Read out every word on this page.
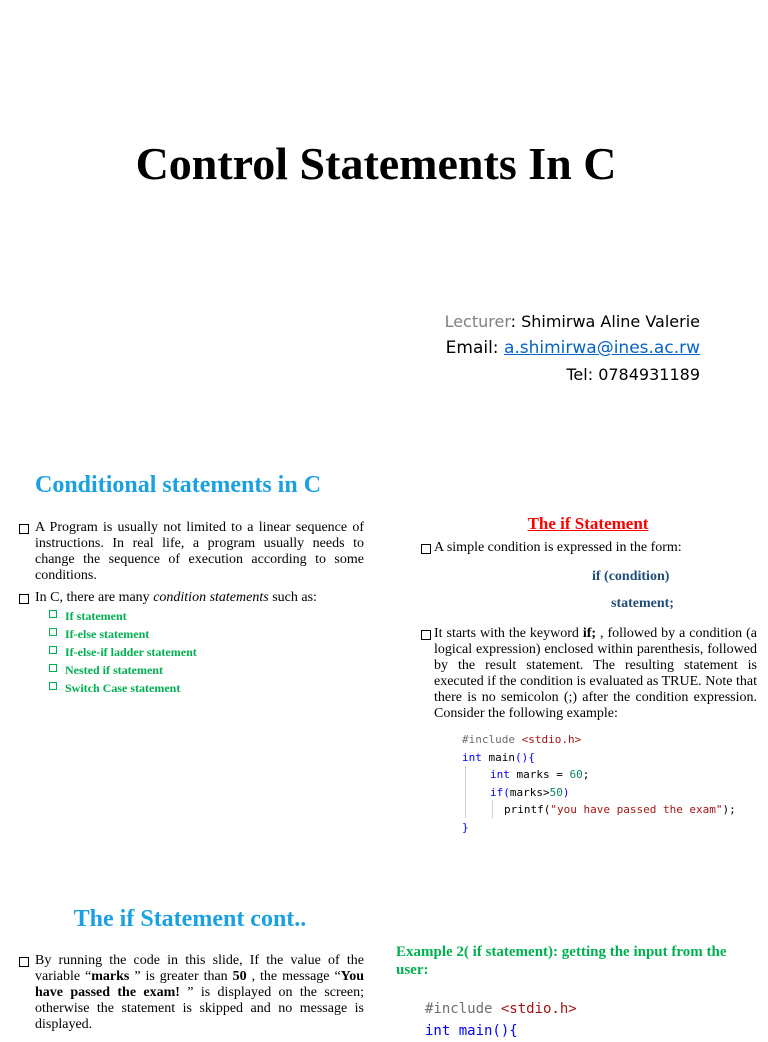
Control Statements In C
Lecturer: Shimirwa Aline Valerie
Email: a.shimirwa@ines.ac.rw
Tel: 0784931189
Conditional statements in C
A Program is usually not limited to a linear sequence of instructions. In real life, a program usually needs to change the sequence of execution according to some conditions.
In C, there are many condition statements such as:
If statement
If-else statement
If-else-if ladder statement
Nested if statement
Switch Case statement
The if Statement
A simple condition is expressed in the form:
if (condition)
statement;
It starts with the keyword if; , followed by a condition (a logical expression) enclosed within parenthesis, followed by the result statement. The resulting statement is executed if the condition is evaluated as TRUE. Note that there is no semicolon (;) after the condition expression. Consider the following example:
#include <stdio.h>
int main(){
int marks = 60;
if(marks>50)
printf("you have passed the exam");
}
The if Statement cont..
By running the code in this slide, If the value of the variable “marks ” is greater than 50 , the message “You have passed the exam! ” is displayed on the screen; otherwise the statement is skipped and no message is displayed.
Example 2( if statement): getting the input from the user:
#include <stdio.h>
int main(){
